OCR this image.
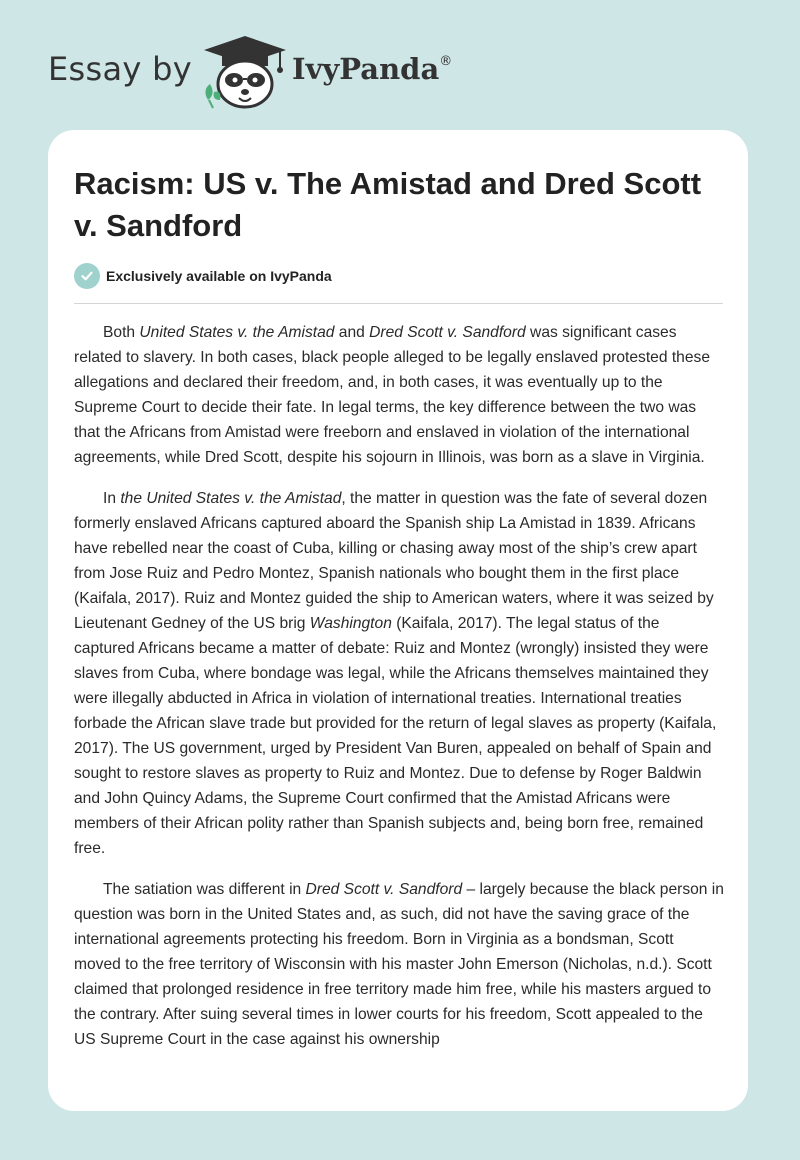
Essay by	IvyPanda®
Racism: US v. The Amistad and Dred Scott v. Sandford
Exclusively available on IvyPanda

Both United States v. the Amistad and Dred Scott v. Sandford was significant cases related to slavery. In both cases, black people alleged to be legally enslaved protested these allegations and declared their freedom, and, in both cases, it was eventually up to the Supreme Court to decide their fate. In legal terms, the key difference between the two was that the Africans from Amistad were freeborn and enslaved in violation of the international agreements, while Dred Scott, despite his sojourn in Illinois, was born as a slave in Virginia.

In the United States v. the Amistad, the matter in question was the fate of several dozen formerly enslaved Africans captured aboard the Spanish ship La Amistad in 1839. Africans have rebelled near the coast of Cuba, killing or chasing away most of the ship’s crew apart from Jose Ruiz and Pedro Montez, Spanish nationals who bought them in the first place (Kaifala, 2017). Ruiz and Montez guided the ship to American waters, where it was seized by Lieutenant Gedney of the US brig Washington (Kaifala, 2017). The legal status of the captured Africans became a matter of debate: Ruiz and Montez (wrongly) insisted they were slaves from Cuba, where bondage was legal, while the Africans themselves maintained they were illegally abducted in Africa in violation of international treaties. International treaties forbade the African slave trade but provided for the return of legal slaves as property (Kaifala, 2017). The US government, urged by President Van Buren, appealed on behalf of Spain and sought to restore slaves as property to Ruiz and Montez. Due to defense by Roger Baldwin and John Quincy Adams, the Supreme Court confirmed that the Amistad Africans were members of their African polity rather than Spanish subjects and, being born free, remained free.

The satiation was different in Dred Scott v. Sandford – largely because the black person in question was born in the United States and, as such, did not have the saving grace of the international agreements protecting his freedom. Born in Virginia as a bondsman, Scott moved to the free territory of Wisconsin with his master John Emerson (Nicholas, n.d.). Scott claimed that prolonged residence in free territory made him free, while his masters argued to the contrary. After suing several times in lower courts for his freedom, Scott appealed to the US Supreme Court in the case against his ownership
